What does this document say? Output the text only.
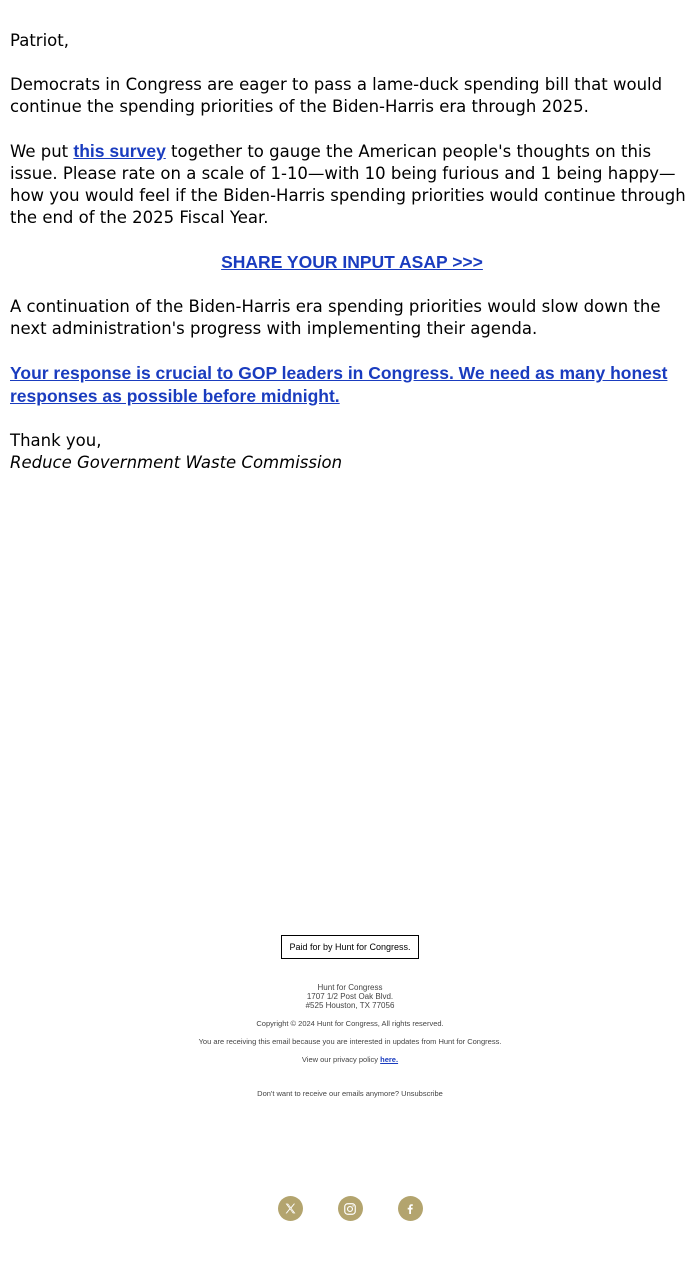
Patriot,

Democrats in Congress are eager to pass a lame-duck spending bill that would continue the spending priorities of the Biden-Harris era through 2025.

We put this survey together to gauge the American people's thoughts on this issue. Please rate on a scale of 1-10—with 10 being furious and 1 being happy—how you would feel if the Biden-Harris spending priorities would continue through the end of the 2025 Fiscal Year.

SHARE YOUR INPUT ASAP >>>

A continuation of the Biden-Harris era spending priorities would slow down the next administration's progress with implementing their agenda.

Your response is crucial to GOP leaders in Congress. We need as many honest responses as possible before midnight.

Thank you,
Reduce Government Waste Commission

Paid for by Hunt for Congress.
Hunt for Congress
1707 1/2 Post Oak Blvd.
#525 Houston, TX 77056
Copyright © 2024 Hunt for Congress, All rights reserved.
You are receiving this email because you are interested in updates from Hunt for Congress.
View our privacy policy here.
Don't want to receive our emails anymore? Unsubscribe
